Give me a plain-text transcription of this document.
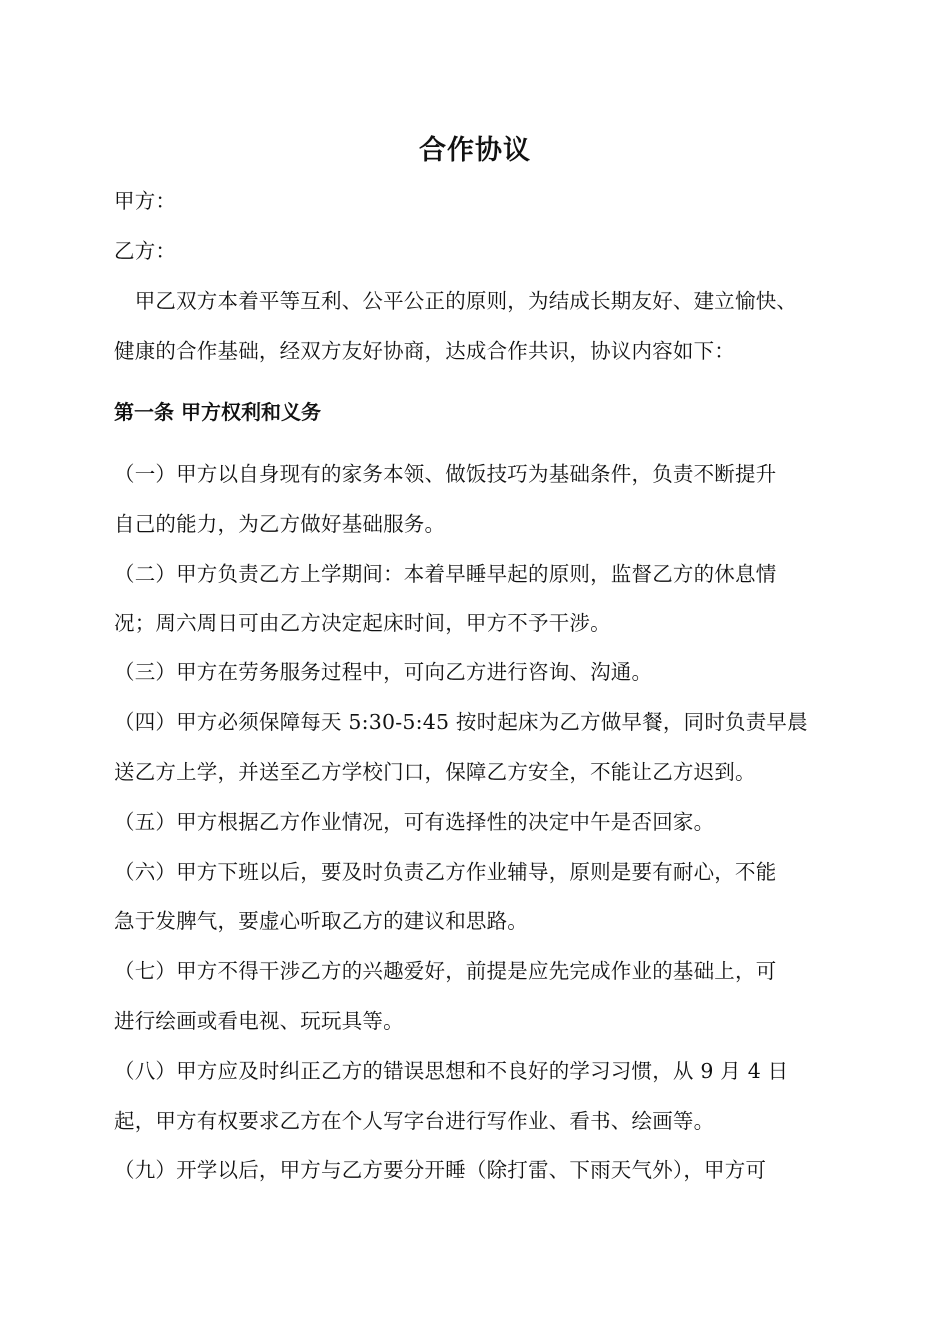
合作协议
甲方：
乙方：
　甲乙双方本着平等互利、公平公正的原则，为结成长期友好、建立愉快、
健康的合作基础，经双方友好协商，达成合作共识，协议内容如下：
第一条 甲方权利和义务
（一）甲方以自身现有的家务本领、做饭技巧为基础条件，负责不断提升
自己的能力，为乙方做好基础服务。
（二）甲方负责乙方上学期间：本着早睡早起的原则，监督乙方的休息情
况；周六周日可由乙方决定起床时间，甲方不予干涉。
（三）甲方在劳务服务过程中，可向乙方进行咨询、沟通。
（四）甲方必须保障每天 5:30-5:45 按时起床为乙方做早餐，同时负责早晨
送乙方上学，并送至乙方学校门口，保障乙方安全，不能让乙方迟到。
（五）甲方根据乙方作业情况，可有选择性的决定中午是否回家。
（六）甲方下班以后，要及时负责乙方作业辅导，原则是要有耐心，不能
急于发脾气，要虚心听取乙方的建议和思路。
（七）甲方不得干涉乙方的兴趣爱好，前提是应先完成作业的基础上，可
进行绘画或看电视、玩玩具等。
（八）甲方应及时纠正乙方的错误思想和不良好的学习习惯，从 9 月 4 日
起，甲方有权要求乙方在个人写字台进行写作业、看书、绘画等。
（九）开学以后，甲方与乙方要分开睡（除打雷、下雨天气外），甲方可
